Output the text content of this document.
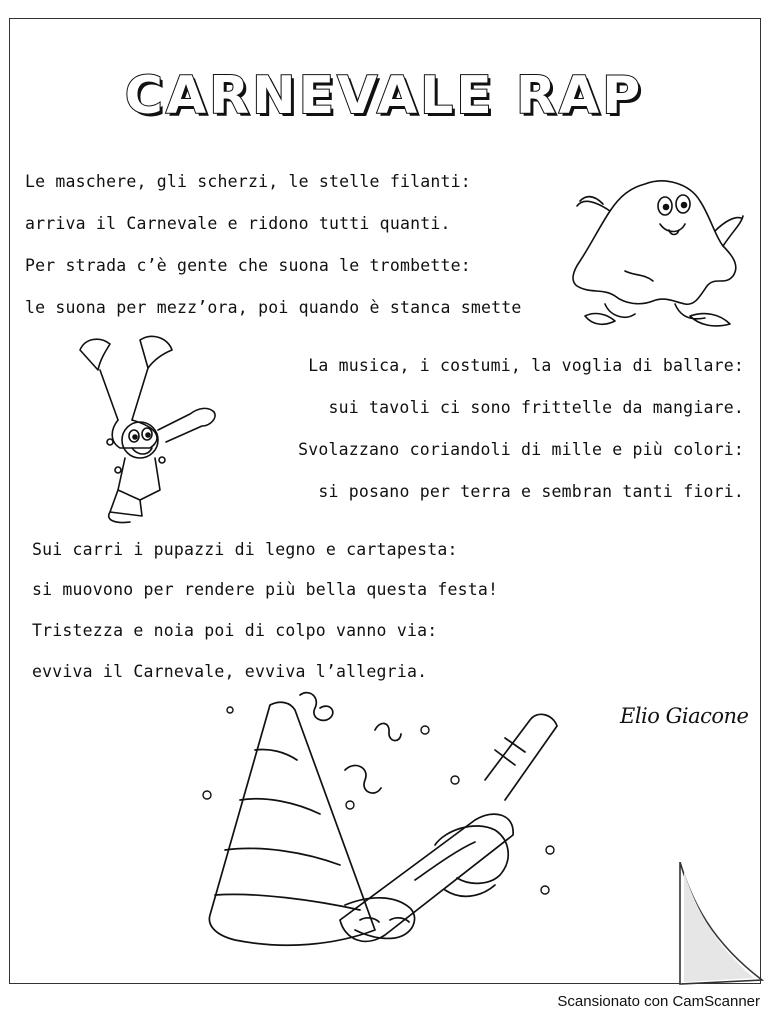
CARNEVALE RAP
Le maschere, gli scherzi, le stelle filanti:
arriva il Carnevale e ridono tutti quanti.
Per strada c’è gente che suona le trombette:
le suona per mezz’ora, poi quando è stanca smette
La musica, i costumi, la voglia di ballare:
sui tavoli ci sono frittelle da mangiare.
Svolazzano coriandoli di mille e più colori:
si posano per terra e sembran tanti fiori.
Sui carri i pupazzi di legno e cartapesta:
si muovono per rendere più bella questa festa!
Tristezza e noia poi di colpo vanno via:
evviva il Carnevale, evviva l’allegria.
Elio Giacone
Scansionato con CamScanner
